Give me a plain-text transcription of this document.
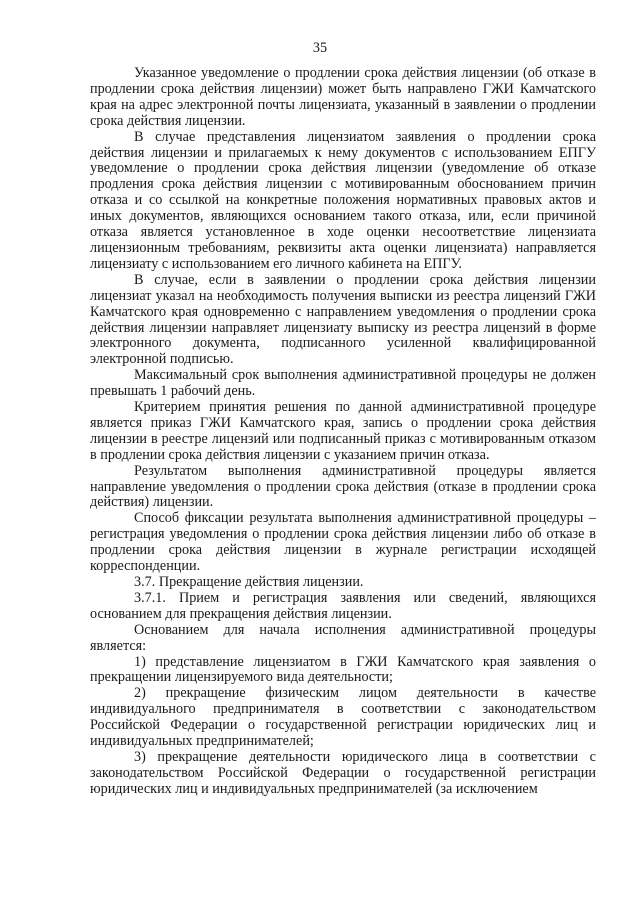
35

Указанное уведомление о продлении срока действия лицензии (об отказе в продлении срока действия лицензии) может быть направлено ГЖИ Камчатского края на адрес электронной почты лицензиата, указанный в заявлении о продлении срока действия лицензии.

В случае представления лицензиатом заявления о продлении срока действия лицензии и прилагаемых к нему документов с использованием ЕПГУ уведомление о продлении срока действия лицензии (уведомление об отказе продления срока действия лицензии с мотивированным обоснованием причин отказа и со ссылкой на конкретные положения нормативных правовых актов и иных документов, являющихся основанием такого отказа, или, если причиной отказа является установленное в ходе оценки несоответствие лицензиата лицензионным требованиям, реквизиты акта оценки лицензиата) направляется лицензиату с использованием его личного кабинета на ЕПГУ.

В случае, если в заявлении о продлении срока действия лицензии лицензиат указал на необходимость получения выписки из реестра лицензий ГЖИ Камчатского края одновременно с направлением уведомления о продлении срока действия лицензии направляет лицензиату выписку из реестра лицензий в форме электронного документа, подписанного усиленной квалифицированной электронной подписью.

Максимальный срок выполнения административной процедуры не должен превышать 1 рабочий день.

Критерием принятия решения по данной административной процедуре является приказ ГЖИ Камчатского края, запись о продлении срока действия лицензии в реестре лицензий или подписанный приказ с мотивированным отказом в продлении срока действия лицензии с указанием причин отказа.

Результатом выполнения административной процедуры является направление уведомления о продлении срока действия (отказе в продлении срока действия) лицензии.

Способ фиксации результата выполнения административной процедуры – регистрация уведомления о продлении срока действия лицензии либо об отказе в продлении срока действия лицензии в журнале регистрации исходящей корреспонденции.

3.7. Прекращение действия лицензии.

3.7.1. Прием и регистрация заявления или сведений, являющихся основанием для прекращения действия лицензии.

Основанием для начала исполнения административной процедуры является:

1) представление лицензиатом в ГЖИ Камчатского края заявления о прекращении лицензируемого вида деятельности;

2) прекращение физическим лицом деятельности в качестве индивидуального предпринимателя в соответствии с законодательством Российской Федерации о государственной регистрации юридических лиц и индивидуальных предпринимателей;

3) прекращение деятельности юридического лица в соответствии с законодательством Российской Федерации о государственной регистрации юридических лиц и индивидуальных предпринимателей (за исключением
